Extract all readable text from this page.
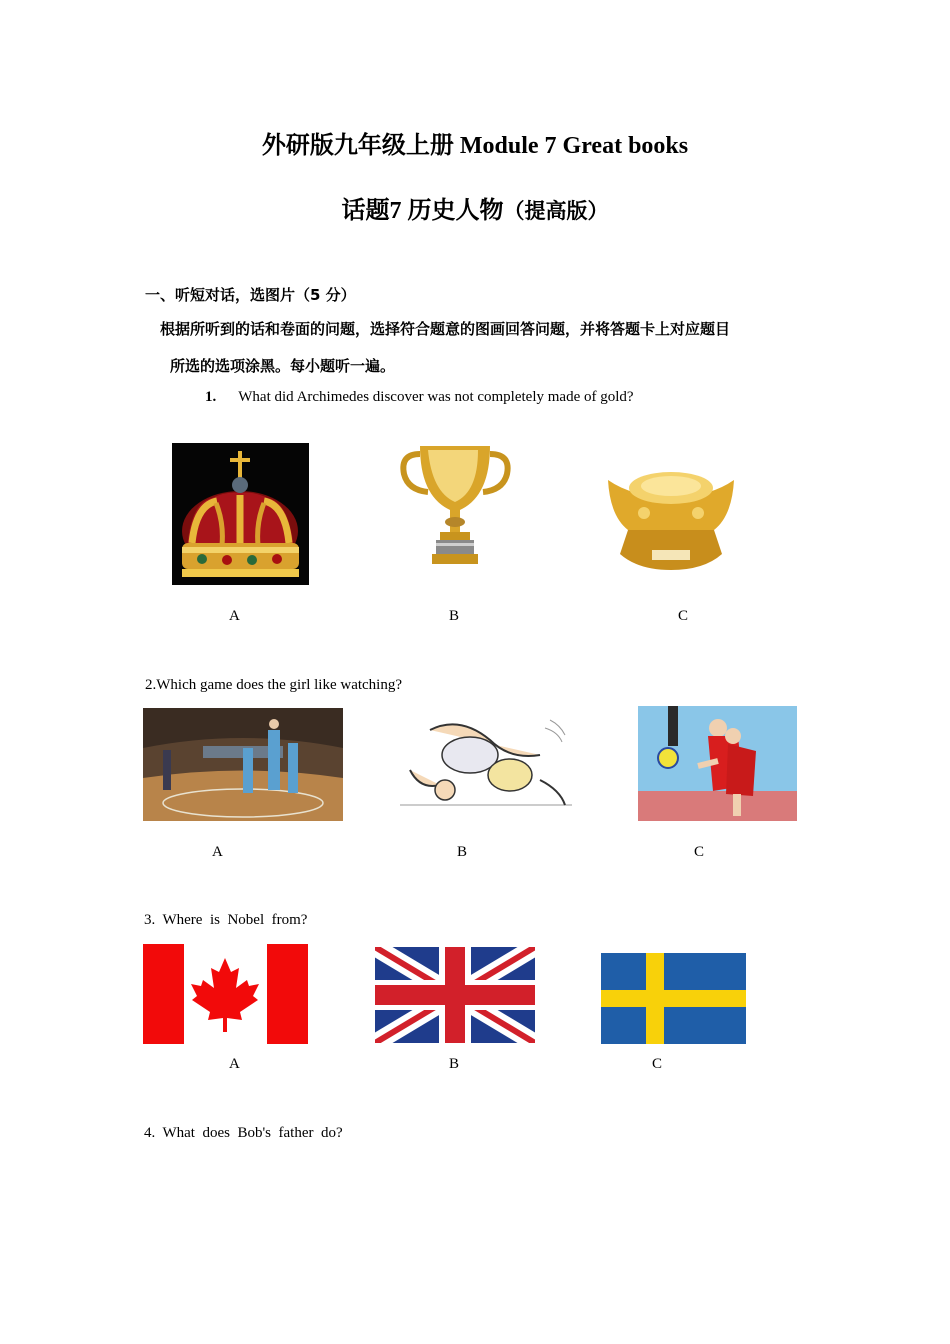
外研版九年级上册 Module 7 Great books
话题7 历史人物（提高版）
一、听短对话，选图片（5 分）
根据所听到的话和卷面的问题，选择符合题意的图画回答问题，并将答题卡上对应题目
所选的选项涂黑。每小题听一遍。
1. What did Archimedes discover was not completely made of gold?
A	B	C
2.Which game does the girl like watching?
A	B	C
3.  Where  is  Nobel  from?
A	B	C
4.  What  does  Bob's  father  do?
